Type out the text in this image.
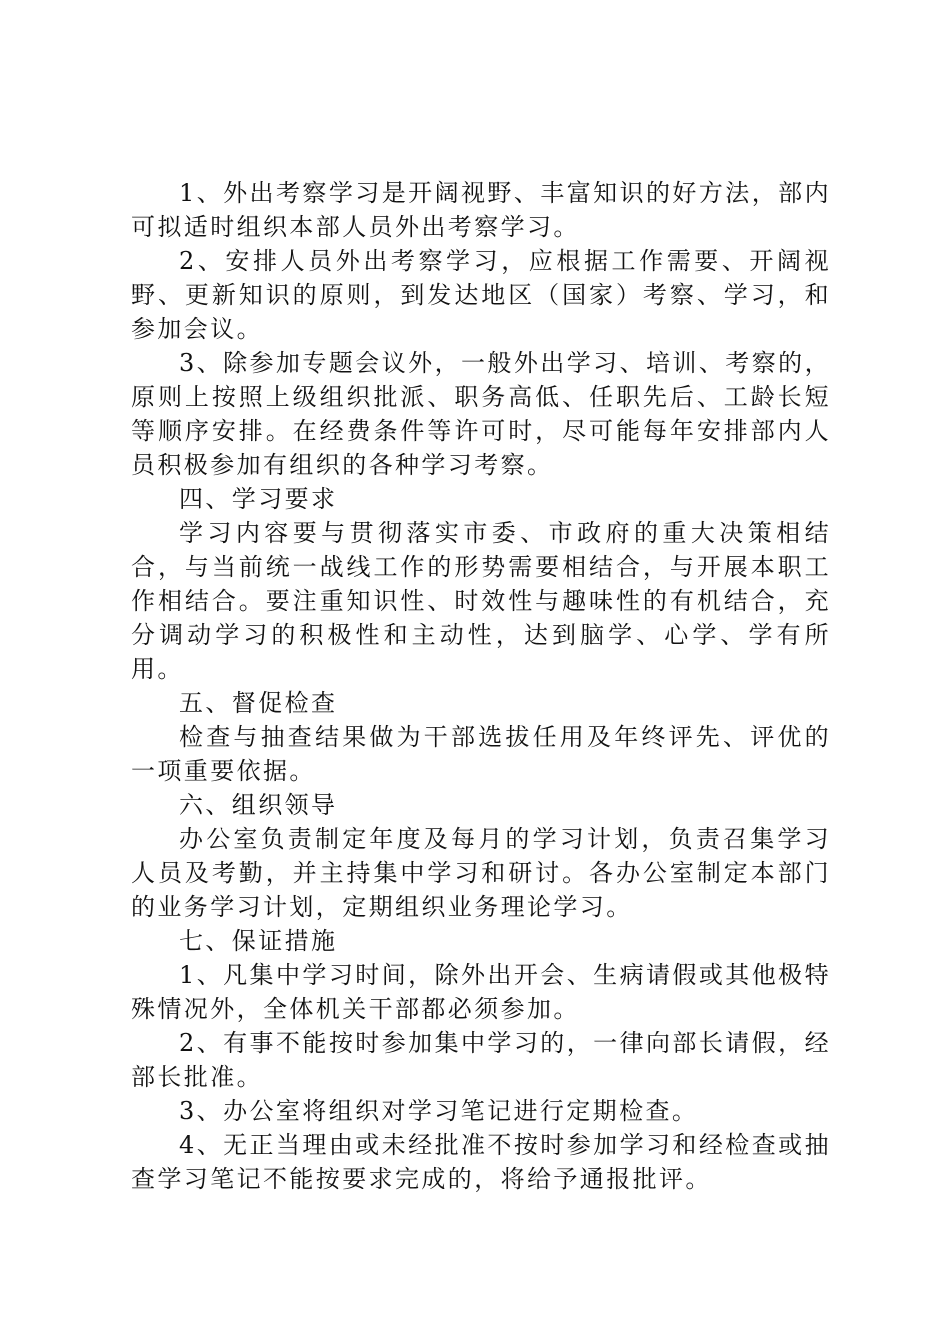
1、外出考察学习是开阔视野、丰富知识的好方法，部内可拟适时组织本部人员外出考察学习。

2、安排人员外出考察学习，应根据工作需要、开阔视野、更新知识的原则，到发达地区（国家）考察、学习，和参加会议。

3、除参加专题会议外，一般外出学习、培训、考察的，原则上按照上级组织批派、职务高低、任职先后、工龄长短等顺序安排。在经费条件等许可时，尽可能每年安排部内人员积极参加有组织的各种学习考察。

四、学习要求

学习内容要与贯彻落实市委、市政府的重大决策相结合，与当前统一战线工作的形势需要相结合，与开展本职工作相结合。要注重知识性、时效性与趣味性的有机结合，充分调动学习的积极性和主动性，达到脑学、心学、学有所用。

五、督促检查

检查与抽查结果做为干部选拔任用及年终评先、评优的一项重要依据。

六、组织领导

办公室负责制定年度及每月的学习计划，负责召集学习人员及考勤，并主持集中学习和研讨。各办公室制定本部门的业务学习计划，定期组织业务理论学习。

七、保证措施

1、凡集中学习时间，除外出开会、生病请假或其他极特殊情况外，全体机关干部都必须参加。

2、有事不能按时参加集中学习的，一律向部长请假，经部长批准。

3、办公室将组织对学习笔记进行定期检查。

4、无正当理由或未经批准不按时参加学习和经检查或抽查学习笔记不能按要求完成的，将给予通报批评。
